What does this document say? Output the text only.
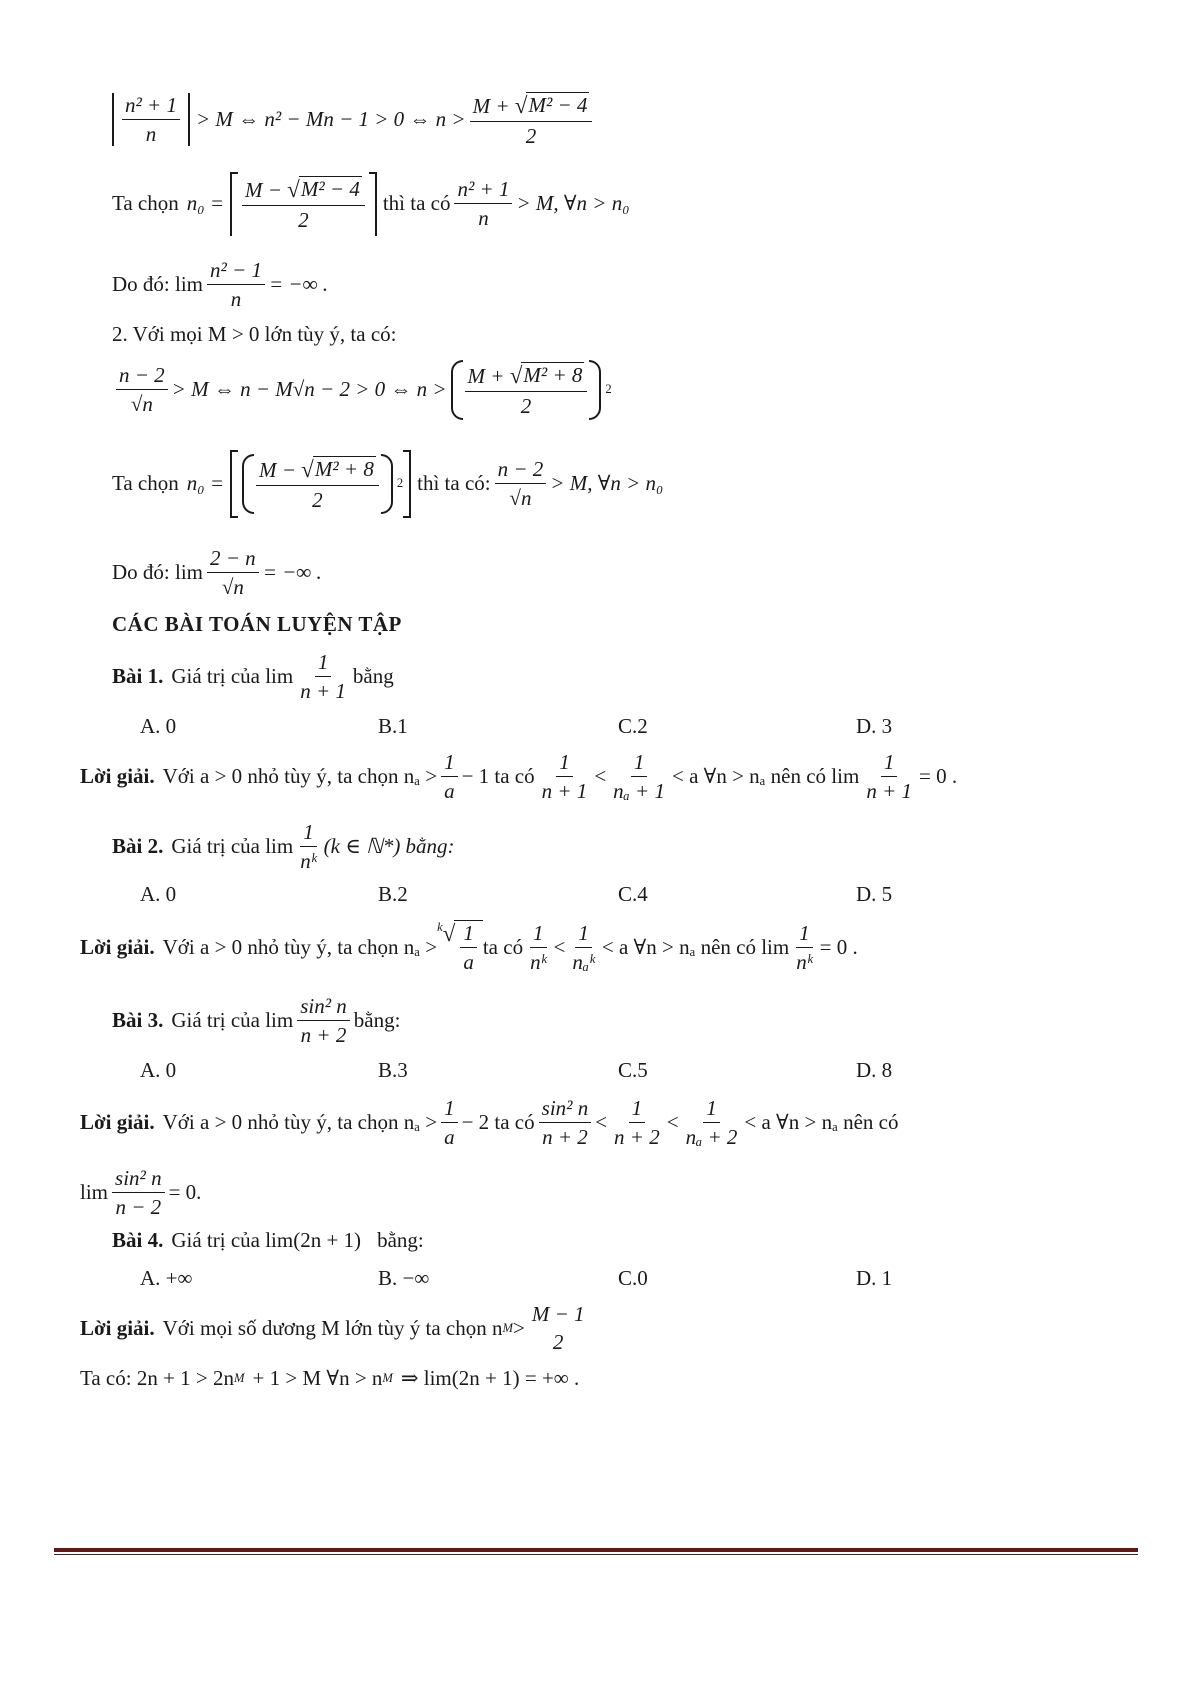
$\frac{\text{n² + 1}}{n} > M$ ⇔ n² − Mn − 1 > 0 ⇔ $n > \frac{\text{M + √ M² − 4}}{2}$
Ta chọn $n_0 = \frac{\text{M − √ M² − 4}}{2}$ thì ta có $\frac{\text{n² + 1}}{n} > M$, ∀n > n₀
Do đó: $\lim \frac{\text{n² − 1}}{n}$ = −∞ .
2. Với mọi M > 0 lớn tùy ý, ta có:
$\frac{n - 2}{√n} > M$ ⇔ n − M√n − 2 > 0 ⇔ $n > \frac{\text{M + √ M² + 8}}{2} 2$
Ta chọn $n_0 = \frac{\text{M − √ M² + 8}}{2} 2$ thì ta có: $\frac{n - 2}{√n} > M$, ∀n > n₀
Do đó: $\lim \frac{2 - n}{√n}$ = −∞ .
CÁC BÀI TOÁN LUYỆN TẬP
Bài 1. Giá trị của $\lim \frac{1}{n + 1}$ bằng
A. 0	B.1	C.2	D. 3
Lời giải. Với a > 0 nhỏ tùy ý, ta chọn $n_a > \frac{1}{a} - 1$ ta có $\frac{1}{n + 1} < \frac{1}{\text{nₐ + 1}} < a$ ∀n > nₐ nên có $\lim \frac{1}{n + 1} = 0$ .
Bài 2. Giá trị của $\lim \frac{1}{\text{nᵏ}} (k$ ∈ ℕ*) bằng:
A. 0	B.2	C.4	D. 5
Lời giải. Với a > 0 nhỏ tùy ý, ta chọn nₐ >
k √ $\frac{1}{a}$ ta có $\frac{1}{\text{nᵏ}} < \frac{1}{\text{nₐᵏ}} < a$ ∀n > nₐ nên có $\lim \frac{1}{\text{nᵏ}} = 0$ .
Bài 3. Giá trị của $\lim \frac{\text{sin² n}}{n + 2}$ bằng:
A. 0	B.3	C.5	D. 8
Lời giải. Với a > 0 nhỏ tùy ý, ta chọn $n_a > \frac{1}{a} - 2$ ta có $\frac{\text{sin² n}}{n + 2} < \frac{1}{n + 2} < \frac{1}{\text{nₐ + 2}} < a$ ∀n > nₐ nên có
$\lim \frac{\text{sin² n}}{n - 2} = 0$.
Bài 4. Giá trị của lim(2n + 1) bằng:
A. +∞	B. −∞	C.0	D. 1
Lời giải. Với mọi số dương M lớn tùy ý ta chọn n M >
M − 1
2
Ta có: 2n + 1 > 2n M + 1 > M ∀n > n M ⇒ lim(2n + 1) = +∞ .
